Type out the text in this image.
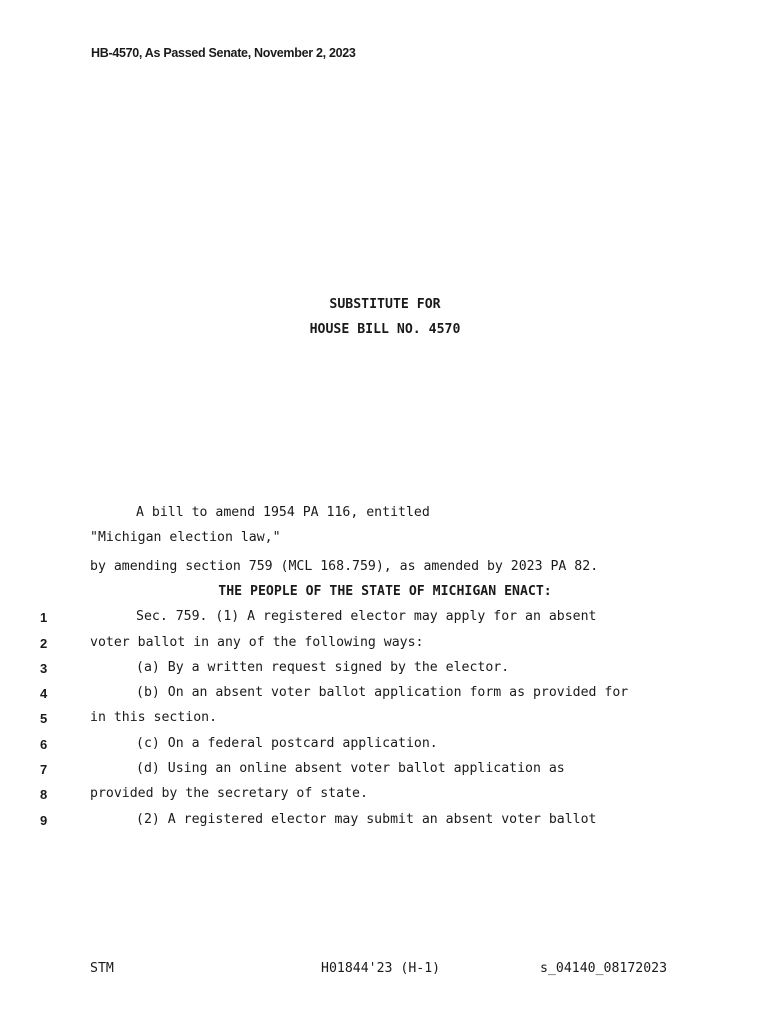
HB-4570, As Passed Senate, November 2, 2023
SUBSTITUTE FOR
HOUSE BILL NO. 4570
A bill to amend 1954 PA 116, entitled
"Michigan election law,"
by amending section 759 (MCL 168.759), as amended by 2023 PA 82.
THE PEOPLE OF THE STATE OF MICHIGAN ENACT:
1	Sec. 759. (1) A registered elector may apply for an absent
2	voter ballot in any of the following ways:
3	(a) By a written request signed by the elector.
4	(b) On an absent voter ballot application form as provided for
5	in this section.
6	(c) On a federal postcard application.
7	(d) Using an online absent voter ballot application as
8	provided by the secretary of state.
9	(2) A registered elector may submit an absent voter ballot
STM	H01844'23 (H-1)	s_04140_08172023
